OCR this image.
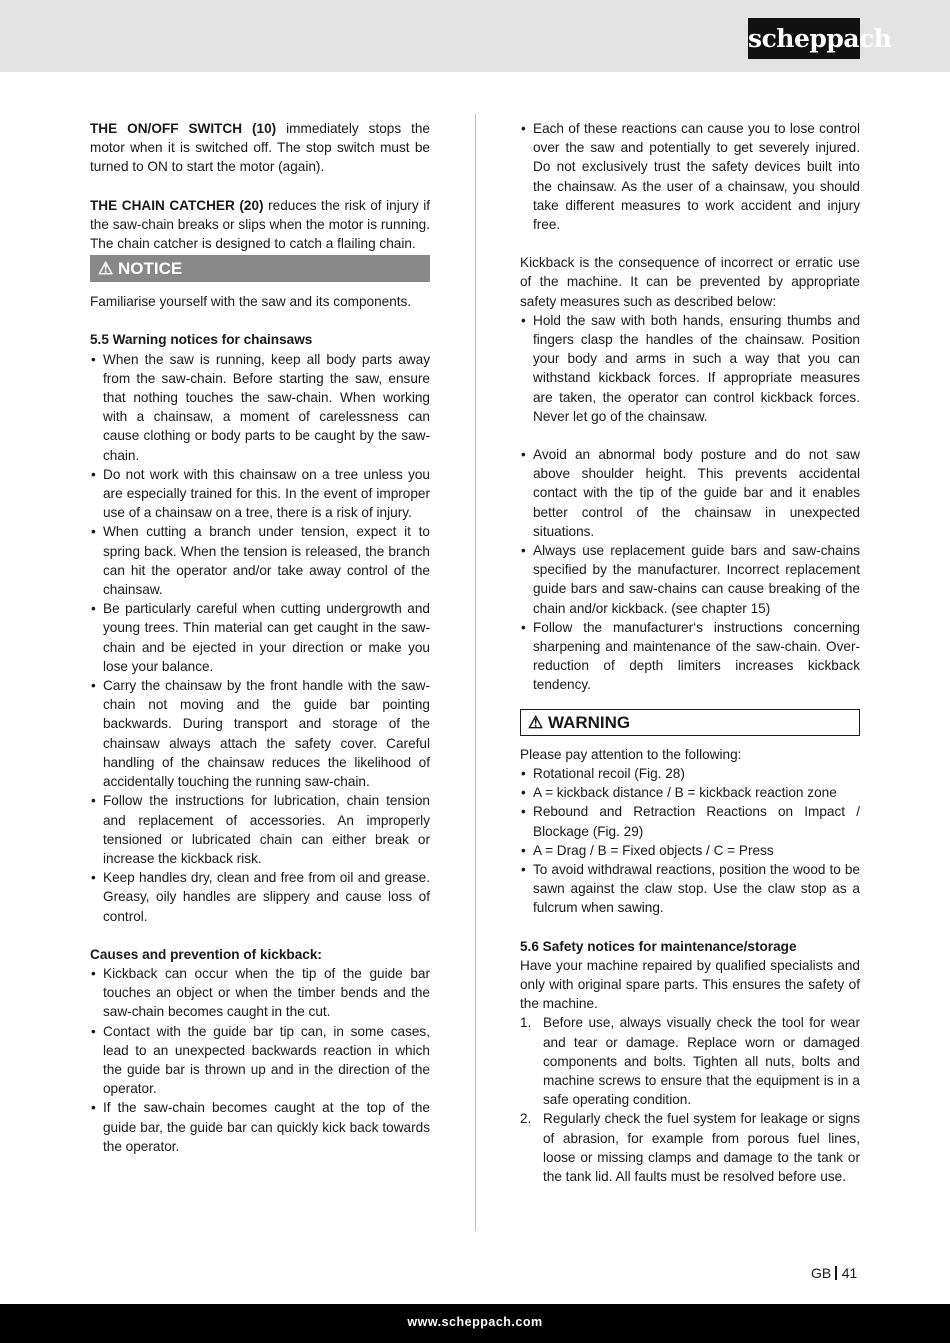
scheppach

THE ON/OFF SWITCH (10) immediately stops the motor when it is switched off. The stop switch must be turned to ON to start the motor (again).

THE CHAIN CATCHER (20) reduces the risk of injury if the saw-chain breaks or slips when the motor is running. The chain catcher is designed to catch a flailing chain.

⚠ NOTICE

Familiarise yourself with the saw and its components.

5.5 Warning notices for chainsaws

• When the saw is running, keep all body parts away from the saw-chain. Before starting the saw, ensure that nothing touches the saw-chain. When working with a chainsaw, a moment of carelessness can cause clothing or body parts to be caught by the saw-chain.
• Do not work with this chainsaw on a tree unless you are especially trained for this. In the event of improper use of a chainsaw on a tree, there is a risk of injury.
• When cutting a branch under tension, expect it to spring back. When the tension is released, the branch can hit the operator and/or take away control of the chainsaw.
• Be particularly careful when cutting undergrowth and young trees. Thin material can get caught in the saw-chain and be ejected in your direction or make you lose your balance.
• Carry the chainsaw by the front handle with the saw-chain not moving and the guide bar pointing backwards. During transport and storage of the chainsaw always attach the safety cover. Careful handling of the chainsaw reduces the likelihood of accidentally touching the running saw-chain.
• Follow the instructions for lubrication, chain tension and replacement of accessories. An improperly tensioned or lubricated chain can either break or increase the kickback risk.
• Keep handles dry, clean and free from oil and grease. Greasy, oily handles are slippery and cause loss of control.

Causes and prevention of kickback:

• Kickback can occur when the tip of the guide bar touches an object or when the timber bends and the saw-chain becomes caught in the cut.
• Contact with the guide bar tip can, in some cases, lead to an unexpected backwards reaction in which the guide bar is thrown up and in the direction of the operator.
• If the saw-chain becomes caught at the top of the guide bar, the guide bar can quickly kick back towards the operator.
• Each of these reactions can cause you to lose control over the saw and potentially to get severely injured. Do not exclusively trust the safety devices built into the chainsaw. As the user of a chainsaw, you should take different measures to work accident and injury free.

Kickback is the consequence of incorrect or erratic use of the machine. It can be prevented by appropriate safety measures such as described below:

• Hold the saw with both hands, ensuring thumbs and fingers clasp the handles of the chainsaw. Position your body and arms in such a way that you can withstand kickback forces. If appropriate measures are taken, the operator can control kickback forces. Never let go of the chainsaw.
• Avoid an abnormal body posture and do not saw above shoulder height. This prevents accidental contact with the tip of the guide bar and it enables better control of the chainsaw in unexpected situations.
• Always use replacement guide bars and saw-chains specified by the manufacturer. Incorrect replacement guide bars and saw-chains can cause breaking of the chain and/or kickback. (see chapter 15)
• Follow the manufacturer‘s instructions concerning sharpening and maintenance of the saw-chain. Over-reduction of depth limiters increases kickback tendency.
⚠ WARNING

Please pay attention to the following:

• Rotational recoil (Fig. 28)
• A = kickback distance / B = kickback reaction zone
• Rebound and Retraction Reactions on Impact / Blockage (Fig. 29)
• A = Drag / B = Fixed objects / C = Press
• To avoid withdrawal reactions, position the wood to be sawn against the claw stop. Use the claw stop as a fulcrum when sawing.

5.6 Safety notices for maintenance/storage

Have your machine repaired by qualified specialists and only with original spare parts. This ensures the safety of the machine.

1. Before use, always visually check the tool for wear and tear or damage. Replace worn or damaged components and bolts. Tighten all nuts, bolts and machine screws to ensure that the equipment is in a safe operating condition.
2. Regularly check the fuel system for leakage or signs of abrasion, for example from porous fuel lines, loose or missing clamps and damage to the tank or the tank lid. All faults must be resolved before use.
GB 41
www.scheppach.com
